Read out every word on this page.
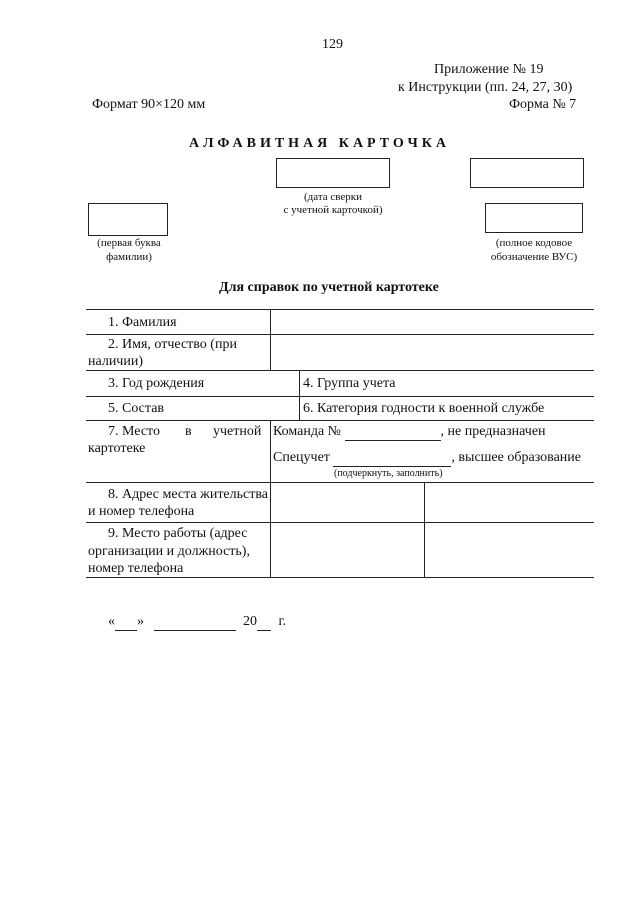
129
Приложение № 19
к Инструкции (пп. 24, 27, 30)
Формат 90×120 мм	Форма № 7
АЛФАВИТНАЯ КАРТОЧКА
(дата сверки
с учетной карточкой)
(первая буква
фамилии)
(полное кодовое
обозначение ВУС)
Для справок по учетной картотеке
1. Фамилия
2. Имя, отчество (при
наличии)
3. Год рождения	4. Группа учета
5. Состав	6. Категория годности к военной службе
7. Место в учетной
картотеке
Команда №	, не предназначен
Спецучет	, высшее образование
(подчеркнуть, заполнить)
8. Адрес места жительства
и номер телефона
9. Место работы (адрес
организации и должность),
номер телефона
« »	20 г.
